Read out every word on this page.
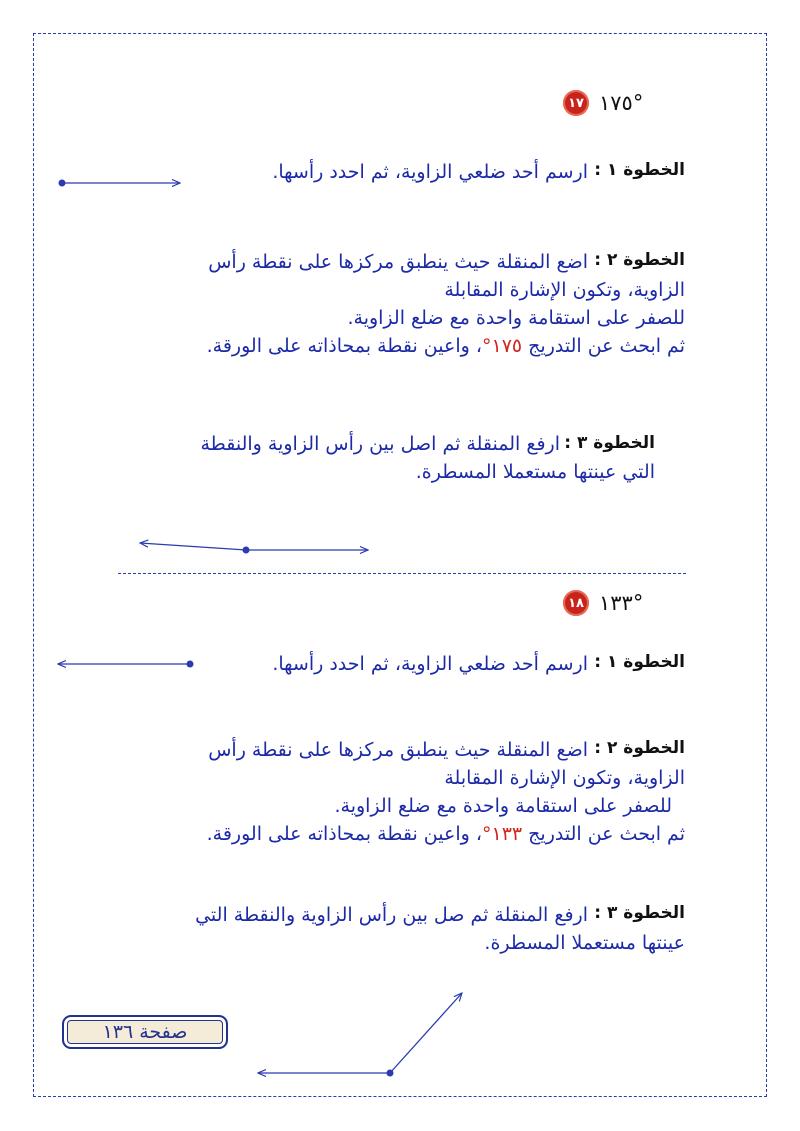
١٧ °١٧٥
الخطوة ١ :
ارسم أحد ضلعي الزاوية، ثم احدد رأسها.
الخطوة ٢ :
اضع المنقلة حيث ينطبق مركزها على نقطة رأس
الزاوية، وتكون الإشارة المقابلة
للصفر على استقامة واحدة مع ضلع الزاوية.
ثم ابحث عن التدريج ١٧٥°، واعين نقطة بمحاذاته على الورقة.
الخطوة ٣ :
ارفع المنقلة ثم اصل بين رأس الزاوية والنقطة
التي عينتها مستعملا المسطرة.
١٨ °١٣٣
الخطوة ١ :
ارسم أحد ضلعي الزاوية، ثم احدد رأسها.
الخطوة ٢ :
اضع المنقلة حيث ينطبق مركزها على نقطة رأس
الزاوية، وتكون الإشارة المقابلة
للصفر على استقامة واحدة مع ضلع الزاوية.
ثم ابحث عن التدريج ١٣٣°، واعين نقطة بمحاذاته على الورقة.
الخطوة ٣ :
ارفع المنقلة ثم صل بين رأس الزاوية والنقطة التي
عينتها مستعملا المسطرة.
صفحة ١٣٦
